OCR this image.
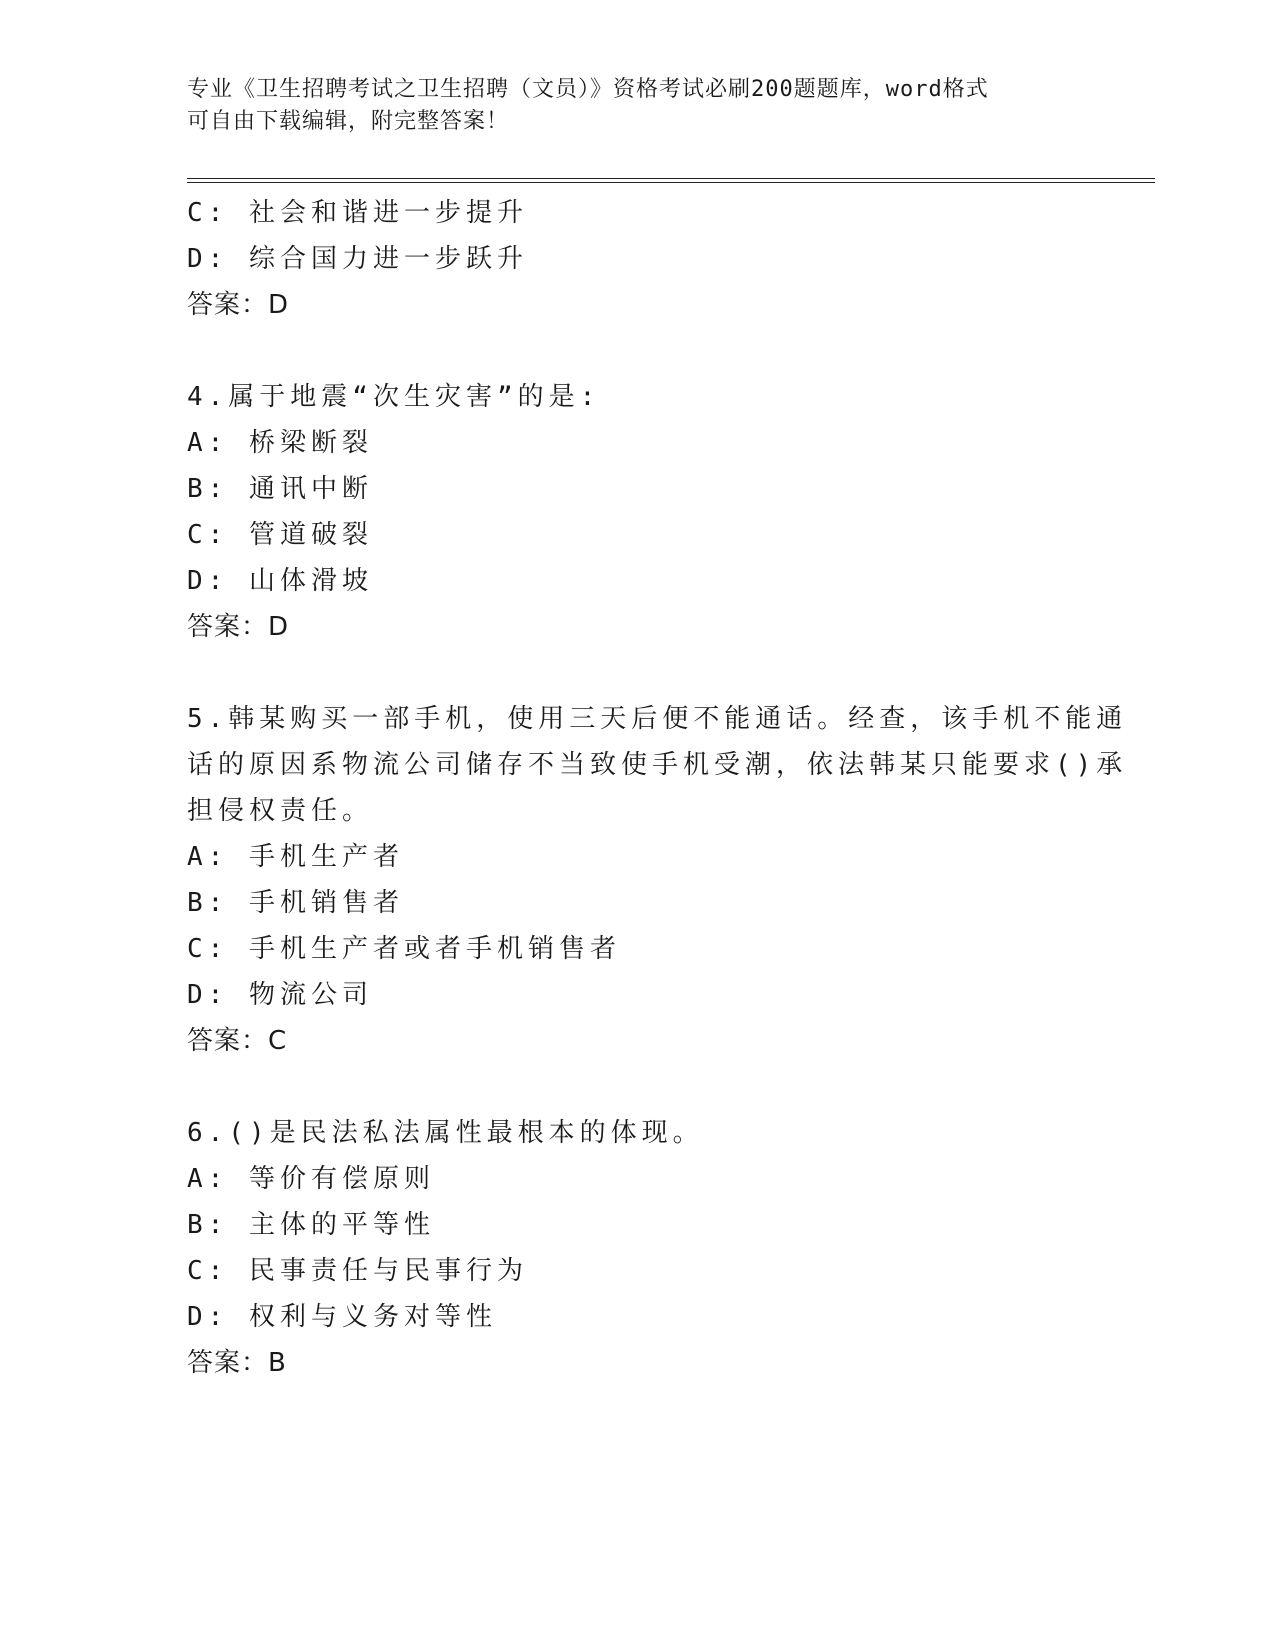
专业《卫生招聘考试之卫生招聘（文员）》资格考试必刷200题题库，word格式
可自由下载编辑，附完整答案！
C: 社会和谐进一步提升
D: 综合国力进一步跃升
答案：D
4.属于地震“次生灾害”的是:
A: 桥梁断裂
B: 通讯中断
C: 管道破裂
D: 山体滑坡
答案：D
5.韩某购买一部手机，使用三天后便不能通话。经查，该手机不能通
话的原因系物流公司储存不当致使手机受潮，依法韩某只能要求()承
担侵权责任。
A: 手机生产者
B: 手机销售者
C: 手机生产者或者手机销售者
D: 物流公司
答案：C
6.()是民法私法属性最根本的体现。
A: 等价有偿原则
B: 主体的平等性
C: 民事责任与民事行为
D: 权利与义务对等性
答案：B
